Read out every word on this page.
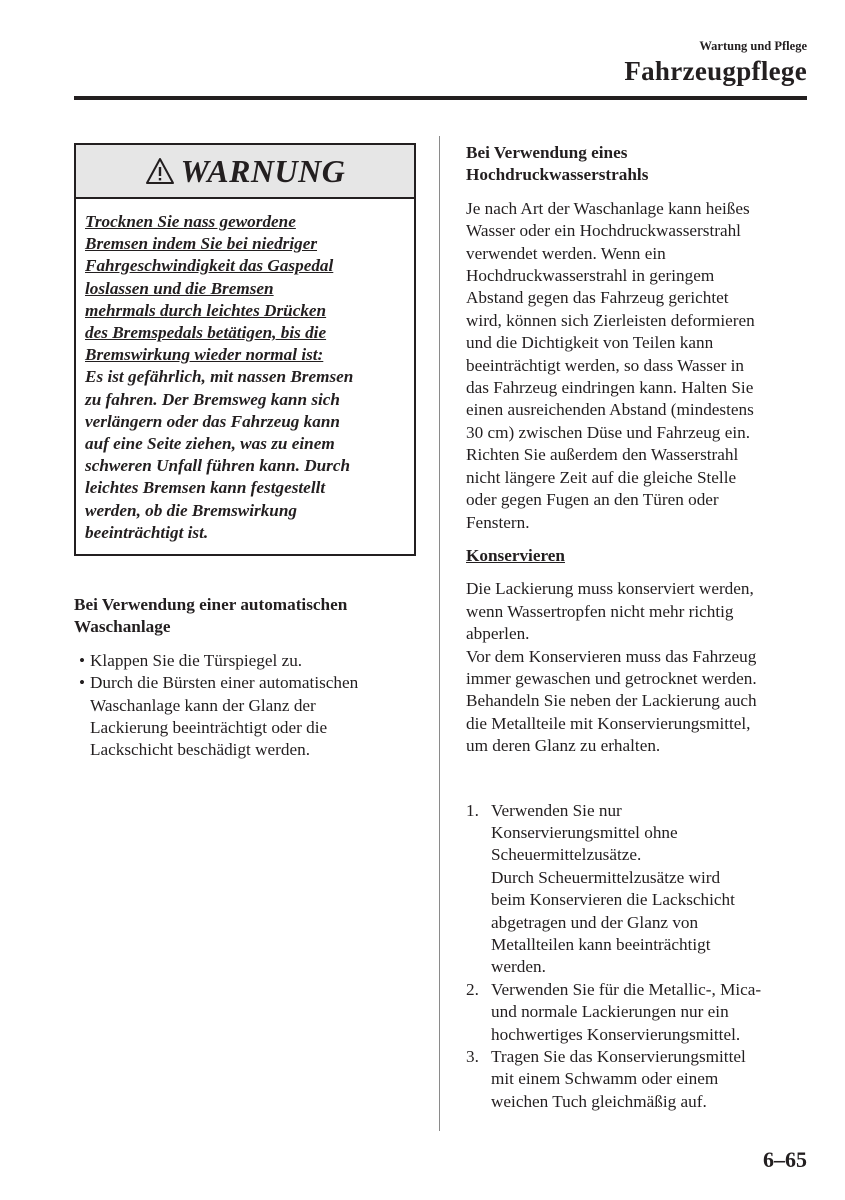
Wartung und Pflege
Fahrzeugpflege
WARNUNG
Trocknen Sie nass gewordene
Bremsen indem Sie bei niedriger
Fahrgeschwindigkeit das Gaspedal
loslassen und die Bremsen
mehrmals durch leichtes Drücken
des Bremspedals betätigen, bis die
Bremswirkung wieder normal ist:
Es ist gefährlich, mit nassen Bremsen
zu fahren. Der Bremsweg kann sich
verlängern oder das Fahrzeug kann
auf eine Seite ziehen, was zu einem
schweren Unfall führen kann. Durch
leichtes Bremsen kann festgestellt
werden, ob die Bremswirkung
beeinträchtigt ist.
Bei Verwendung einer automatischen
Waschanlage
• Klappen Sie die Türspiegel zu.
• Durch die Bürsten einer automatischen
Waschanlage kann der Glanz der
Lackierung beeinträchtigt oder die
Lackschicht beschädigt werden.
Bei Verwendung eines
Hochdruckwasserstrahls
Je nach Art der Waschanlage kann heißes
Wasser oder ein Hochdruckwasserstrahl
verwendet werden. Wenn ein
Hochdruckwasserstrahl in geringem
Abstand gegen das Fahrzeug gerichtet
wird, können sich Zierleisten deformieren
und die Dichtigkeit von Teilen kann
beeinträchtigt werden, so dass Wasser in
das Fahrzeug eindringen kann. Halten Sie
einen ausreichenden Abstand (mindestens
30 cm) zwischen Düse und Fahrzeug ein.
Richten Sie außerdem den Wasserstrahl
nicht längere Zeit auf die gleiche Stelle
oder gegen Fugen an den Türen oder
Fenstern.
Konservieren
Die Lackierung muss konserviert werden,
wenn Wassertropfen nicht mehr richtig
abperlen.
Vor dem Konservieren muss das Fahrzeug
immer gewaschen und getrocknet werden.
Behandeln Sie neben der Lackierung auch
die Metallteile mit Konservierungsmittel,
um deren Glanz zu erhalten.
1. Verwenden Sie nur
Konservierungsmittel ohne
Scheuermittelzusätze.
Durch Scheuermittelzusätze wird
beim Konservieren die Lackschicht
abgetragen und der Glanz von
Metallteilen kann beeinträchtigt
werden.
2. Verwenden Sie für die Metallic-, Mica-
und normale Lackierungen nur ein
hochwertiges Konservierungsmittel.
3. Tragen Sie das Konservierungsmittel
mit einem Schwamm oder einem
weichen Tuch gleichmäßig auf.
6–65
